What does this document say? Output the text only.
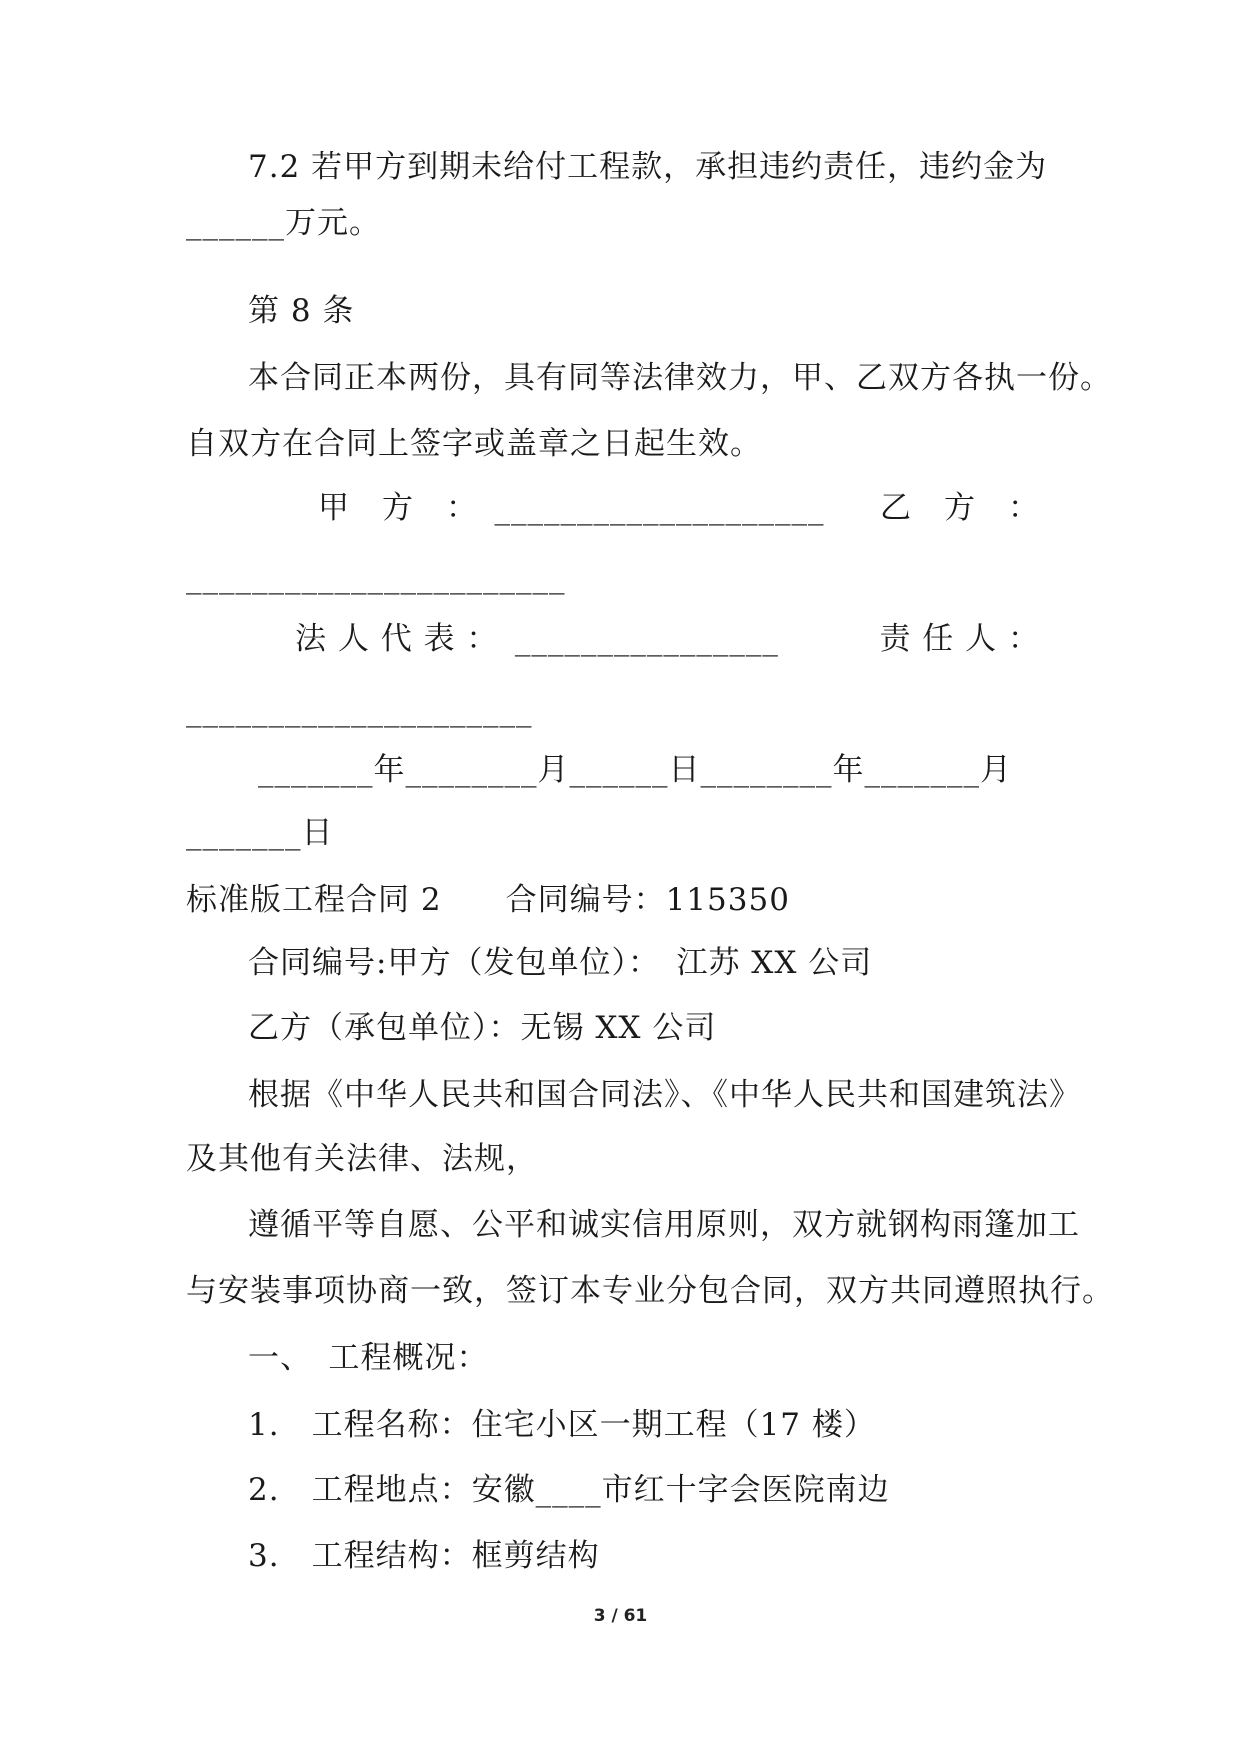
7.2 若甲方到期未给付工程款，承担违约责任，违约金为
______万元。
第 8 条
本合同正本两份，具有同等法律效力，甲、乙双方各执一份。
自双方在合同上签字或盖章之日起生效。
甲　方　：　____________________ 乙　方　：
_______________________
法 人 代 表 ：　________________	责 任 人 ：
_____________________
_______年________月______日________年_______月
_______日
标准版工程合同 2　　合同编号：115350
合同编号:甲方（发包单位）：　江苏 XX 公司
乙方（承包单位）：无锡 XX 公司
根据《中华人民共和国合同法》、《中华人民共和国建筑法》
及其他有关法律、法规，
遵循平等自愿、公平和诚实信用原则，双方就钢构雨篷加工
与安装事项协商一致，签订本专业分包合同，双方共同遵照执行。
一、　工程概况：
1.　工程名称：住宅小区一期工程（17 楼）
2.　工程地点：安徽____市红十字会医院南边
3.　工程结构：框剪结构
3 / 61
